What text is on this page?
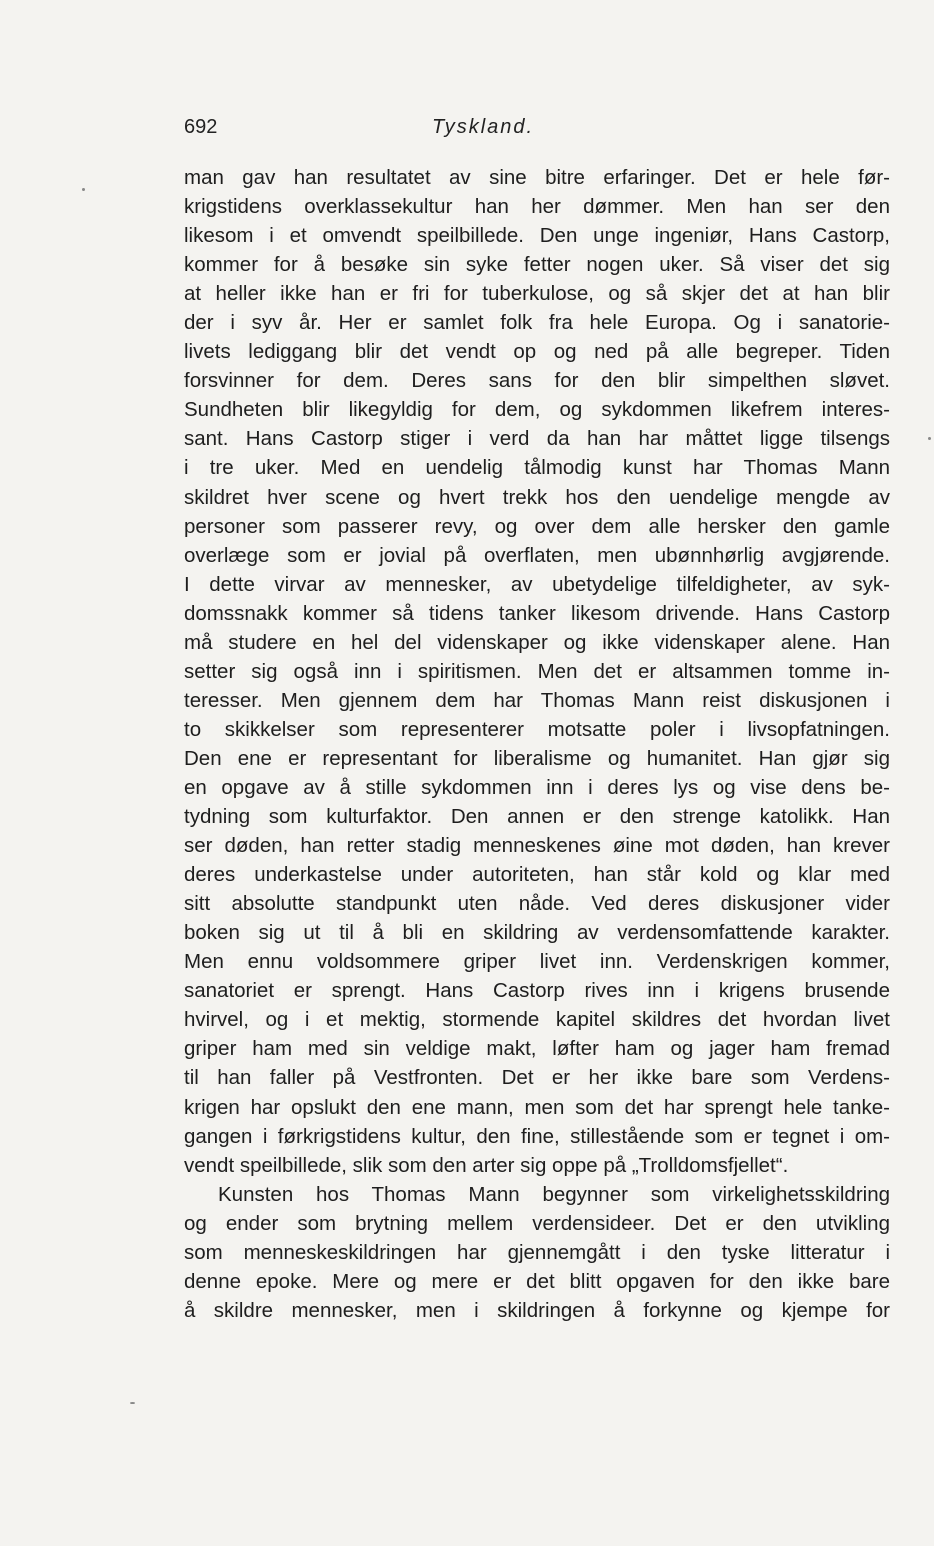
692	Tyskland.
man gav han resultatet av sine bitre erfaringer. Det er hele før-
krigstidens overklassekultur han her dømmer. Men han ser den
likesom i et omvendt speilbillede. Den unge ingeniør, Hans Castorp,
kommer for å besøke sin syke fetter nogen uker. Så viser det sig
at heller ikke han er fri for tuberkulose, og så skjer det at han blir
der i syv år. Her er samlet folk fra hele Europa. Og i sanatorie-
livets lediggang blir det vendt op og ned på alle begreper. Tiden
forsvinner for dem. Deres sans for den blir simpelthen sløvet.
Sundheten blir likegyldig for dem, og sykdommen likefrem interes-
sant. Hans Castorp stiger i verd da han har måttet ligge tilsengs
i tre uker. Med en uendelig tålmodig kunst har Thomas Mann
skildret hver scene og hvert trekk hos den uendelige mengde av
personer som passerer revy, og over dem alle hersker den gamle
overlæge som er jovial på overflaten, men ubønnhørlig avgjørende.
I dette virvar av mennesker, av ubetydelige tilfeldigheter, av syk-
domssnakk kommer så tidens tanker likesom drivende. Hans Castorp
må studere en hel del videnskaper og ikke videnskaper alene. Han
setter sig også inn i spiritismen. Men det er altsammen tomme in-
teresser. Men gjennem dem har Thomas Mann reist diskusjonen i
to skikkelser som representerer motsatte poler i livsopfatningen.
Den ene er representant for liberalisme og humanitet. Han gjør sig
en opgave av å stille sykdommen inn i deres lys og vise dens be-
tydning som kulturfaktor. Den annen er den strenge katolikk. Han
ser døden, han retter stadig menneskenes øine mot døden, han krever
deres underkastelse under autoriteten, han står kold og klar med
sitt absolutte standpunkt uten nåde. Ved deres diskusjoner vider
boken sig ut til å bli en skildring av verdensomfattende karakter.
Men ennu voldsommere griper livet inn. Verdenskrigen kommer,
sanatoriet er sprengt. Hans Castorp rives inn i krigens brusende
hvirvel, og i et mektig, stormende kapitel skildres det hvordan livet
griper ham med sin veldige makt, løfter ham og jager ham fremad
til han faller på Vestfronten. Det er her ikke bare som Verdens-
krigen har opslukt den ene mann, men som det har sprengt hele tanke-
gangen i førkrigstidens kultur, den fine, stillestående som er tegnet i om-
vendt speilbillede, slik som den arter sig oppe på „Trolldomsfjellet“.
Kunsten hos Thomas Mann begynner som virkelighetsskildring
og ender som brytning mellem verdensideer. Det er den utvikling
som menneskeskildringen har gjennemgått i den tyske litteratur i
denne epoke. Mere og mere er det blitt opgaven for den ikke bare
å skildre mennesker, men i skildringen å forkynne og kjempe for
